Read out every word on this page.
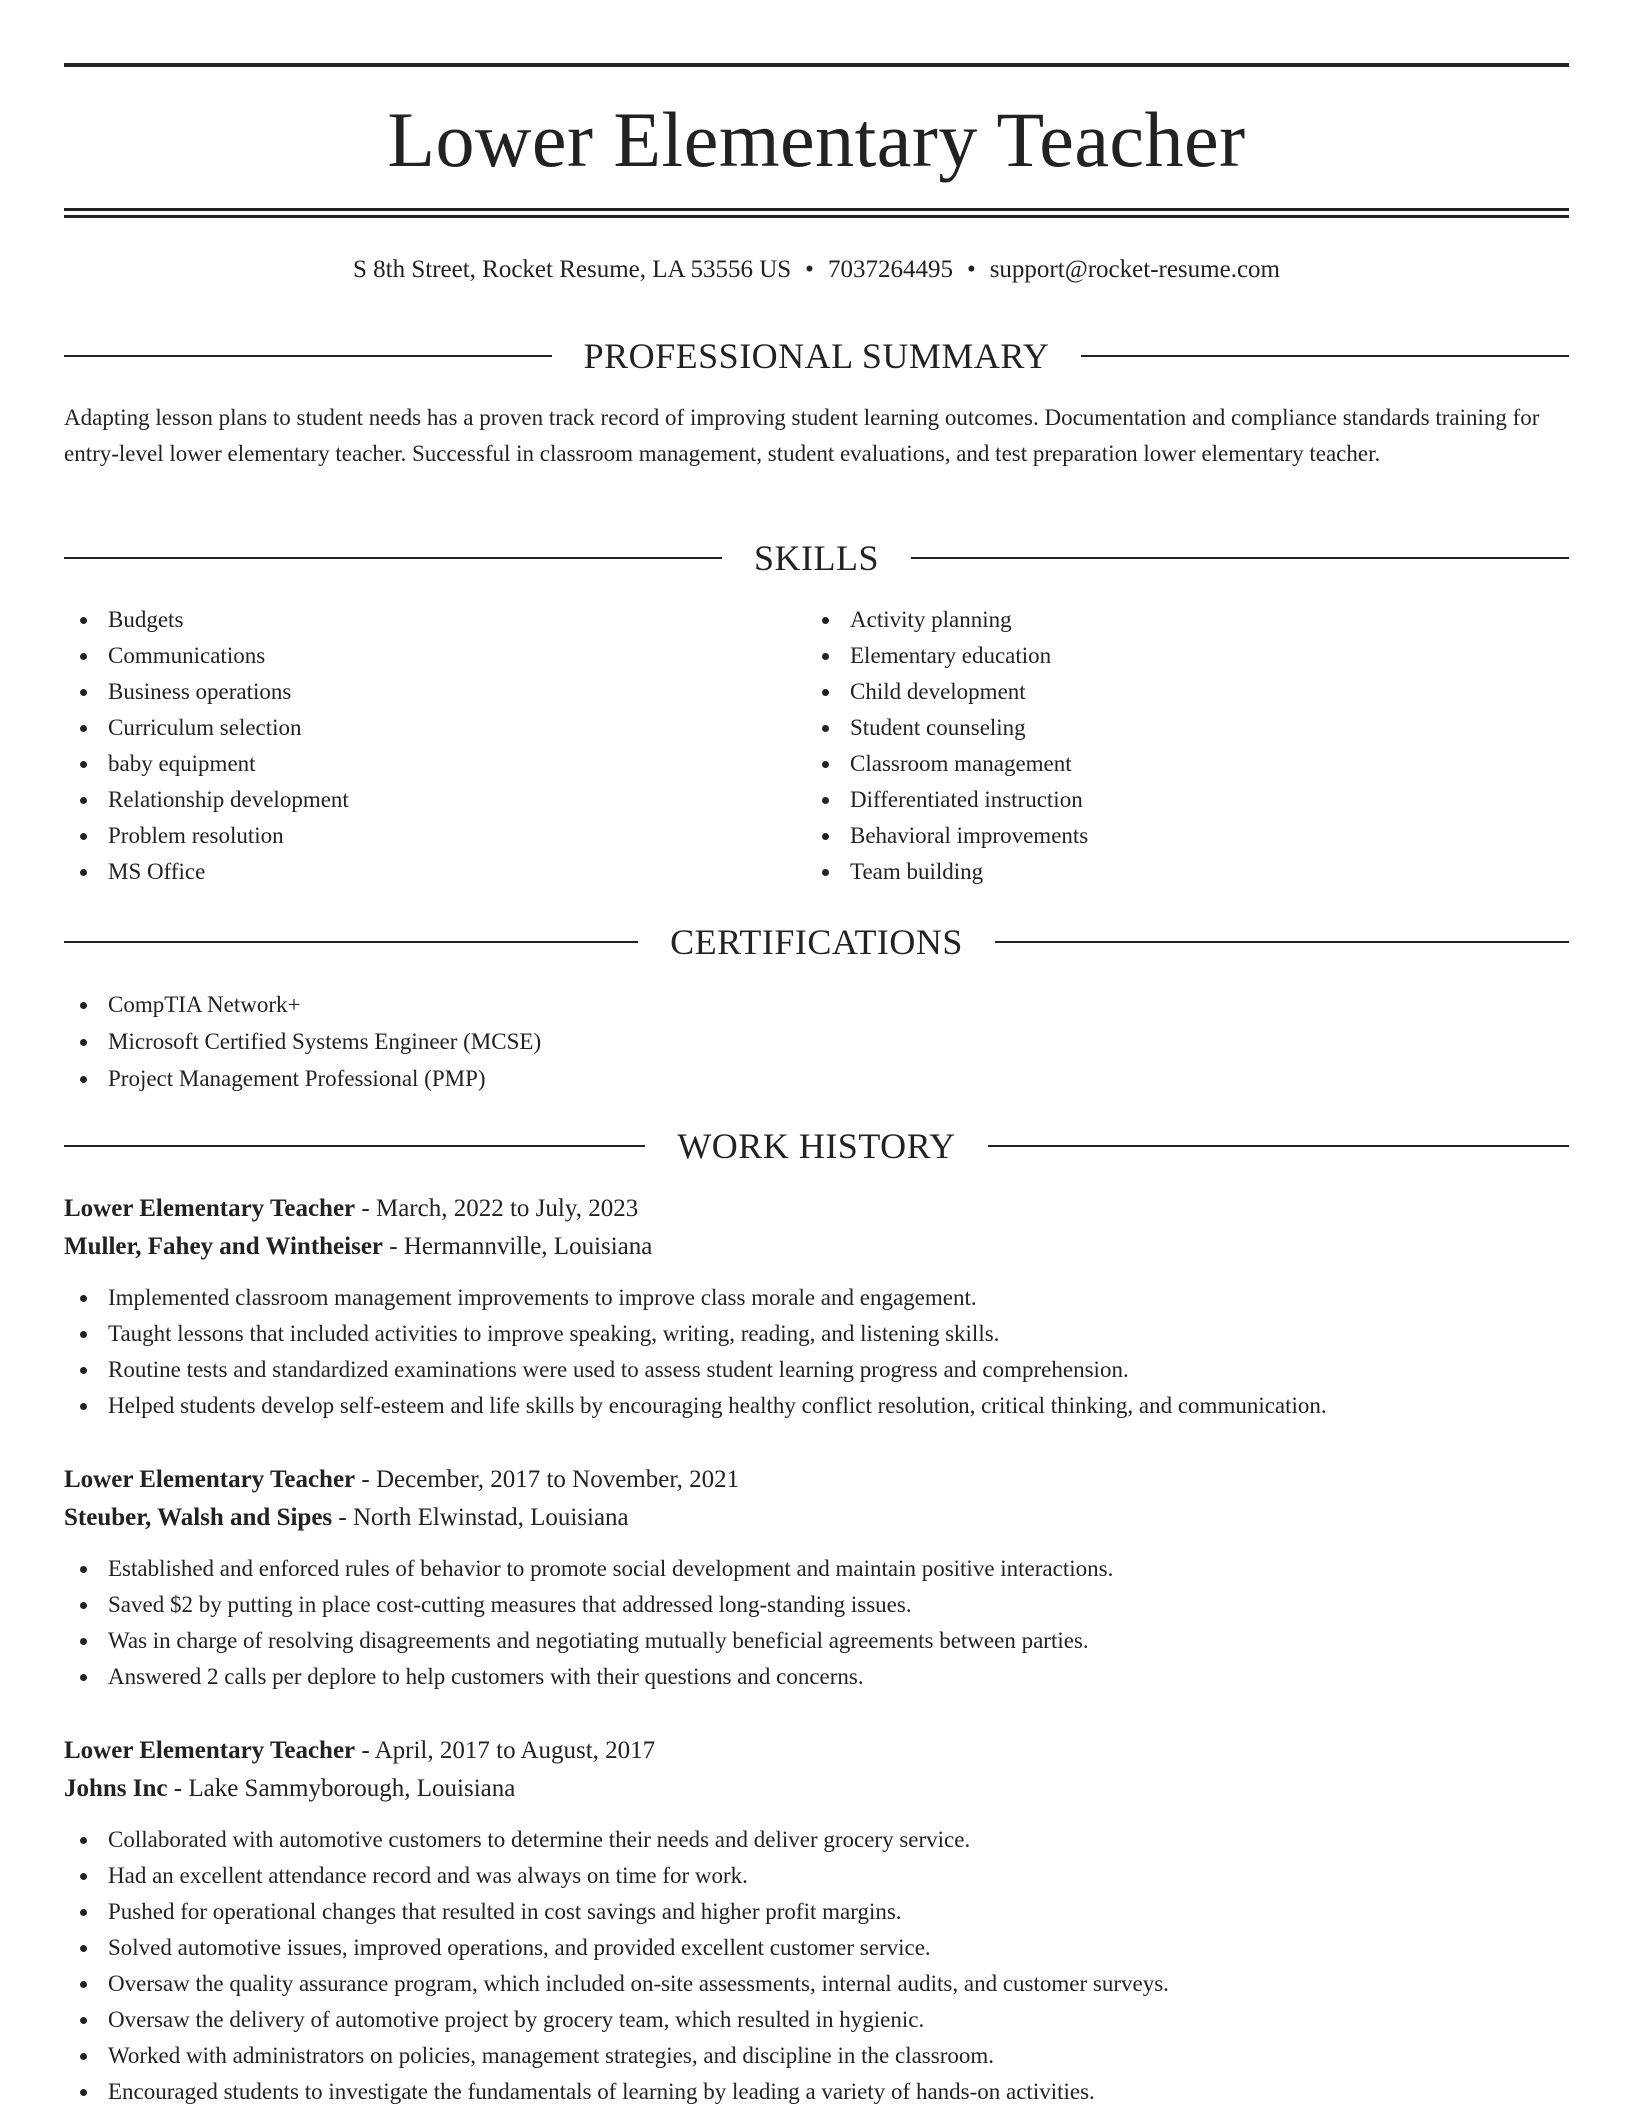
Lower Elementary Teacher
S 8th Street, Rocket Resume, LA 53556 US • 7037264495 • support@rocket-resume.com
PROFESSIONAL SUMMARY
Adapting lesson plans to student needs has a proven track record of improving student learning outcomes. Documentation and compliance standards training for entry-level lower elementary teacher. Successful in classroom management, student evaluations, and test preparation lower elementary teacher.
SKILLS
Budgets
Communications
Business operations
Curriculum selection
baby equipment
Relationship development
Problem resolution
MS Office
Activity planning
Elementary education
Child development
Student counseling
Classroom management
Differentiated instruction
Behavioral improvements
Team building
CERTIFICATIONS
CompTIA Network+
Microsoft Certified Systems Engineer (MCSE)
Project Management Professional (PMP)
WORK HISTORY
Lower Elementary Teacher - March, 2022 to July, 2023
Muller, Fahey and Wintheiser - Hermannville, Louisiana
Implemented classroom management improvements to improve class morale and engagement.
Taught lessons that included activities to improve speaking, writing, reading, and listening skills.
Routine tests and standardized examinations were used to assess student learning progress and comprehension.
Helped students develop self-esteem and life skills by encouraging healthy conflict resolution, critical thinking, and communication.
Lower Elementary Teacher - December, 2017 to November, 2021
Steuber, Walsh and Sipes - North Elwinstad, Louisiana
Established and enforced rules of behavior to promote social development and maintain positive interactions.
Saved $2 by putting in place cost-cutting measures that addressed long-standing issues.
Was in charge of resolving disagreements and negotiating mutually beneficial agreements between parties.
Answered 2 calls per deplore to help customers with their questions and concerns.
Lower Elementary Teacher - April, 2017 to August, 2017
Johns Inc - Lake Sammyborough, Louisiana
Collaborated with automotive customers to determine their needs and deliver grocery service.
Had an excellent attendance record and was always on time for work.
Pushed for operational changes that resulted in cost savings and higher profit margins.
Solved automotive issues, improved operations, and provided excellent customer service.
Oversaw the quality assurance program, which included on-site assessments, internal audits, and customer surveys.
Oversaw the delivery of automotive project by grocery team, which resulted in hygienic.
Worked with administrators on policies, management strategies, and discipline in the classroom.
Encouraged students to investigate the fundamentals of learning by leading a variety of hands-on activities.
